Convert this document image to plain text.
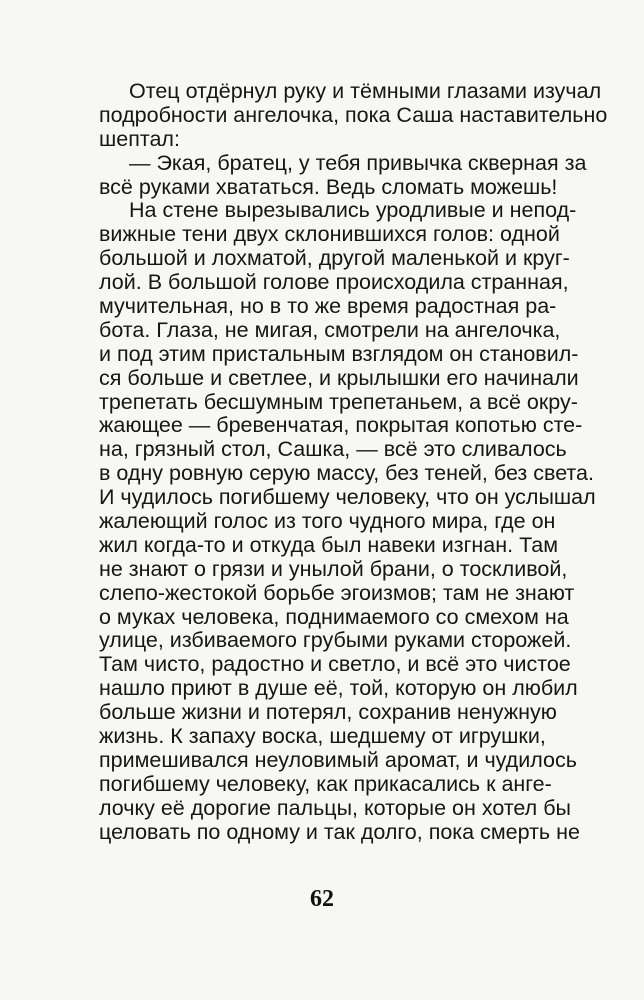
Отец отдёрнул руку и тёмными глазами изучал
подробности ангелочка, пока Саша наставительно
шептал:
— Экая, братец, у тебя привычка скверная за
всё руками хвататься. Ведь сломать можешь!
На стене вырезывались уродливые и непод-
вижные тени двух склонившихся голов: одной
большой и лохматой, другой маленькой и круг-
лой. В большой голове происходила странная,
мучительная, но в то же время радостная ра-
бота. Глаза, не мигая, смотрели на ангелочка,
и под этим пристальным взглядом он становил-
ся больше и светлее, и крылышки его начинали
трепетать бесшумным трепетаньем, а всё окру-
жающее — бревенчатая, покрытая копотью сте-
на, грязный стол, Сашка, — всё это сливалось
в одну ровную серую массу, без теней, без света.
И чудилось погибшему человеку, что он услышал
жалеющий голос из того чудного мира, где он
жил когда-то и откуда был навеки изгнан. Там
не знают о грязи и унылой брани, о тоскливой,
слепо-жестокой борьбе эгоизмов; там не знают
о муках человека, поднимаемого со смехом на
улице, избиваемого грубыми руками сторожей.
Там чисто, радостно и светло, и всё это чистое
нашло приют в душе её, той, которую он любил
больше жизни и потерял, сохранив ненужную
жизнь. К запаху воска, шедшему от игрушки,
примешивался неуловимый аромат, и чудилось
погибшему человеку, как прикасались к анге-
лочку её дорогие пальцы, которые он хотел бы
целовать по одному и так долго, пока смерть не
62
